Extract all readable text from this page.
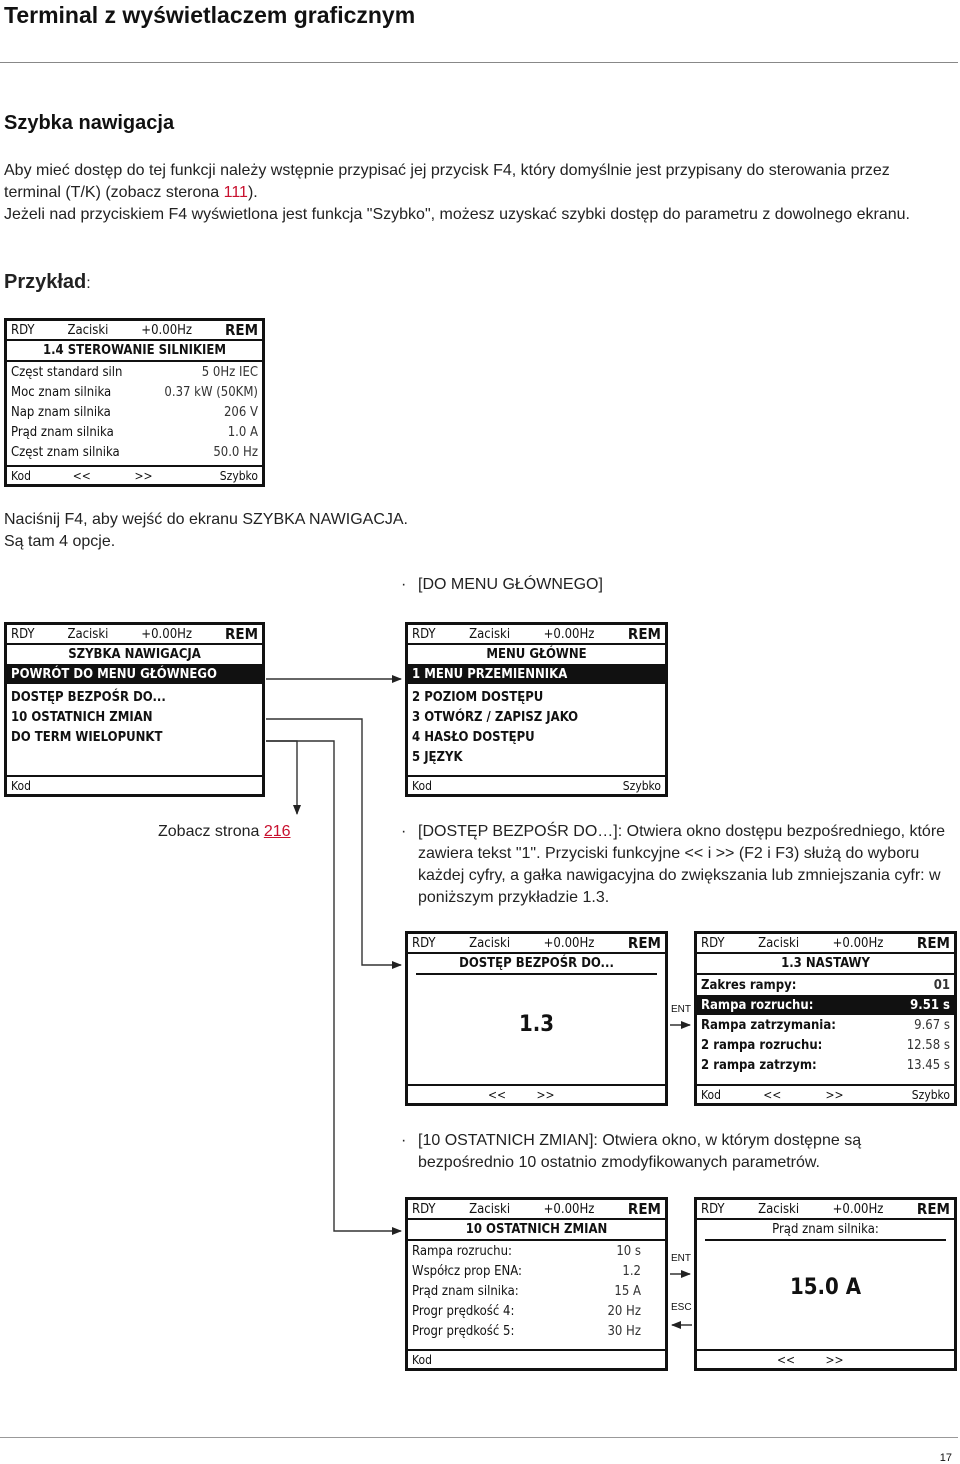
Terminal z wyświetlaczem graficznym
Szybka nawigacja
Aby mieć dostęp do tej funkcji należy wstępnie przypisać jej przycisk F4, który domyślnie jest przypisany do sterowania przez terminal (T/K) (zobacz sterona 111).
Jeżeli nad przyciskiem F4 wyświetlona jest funkcja "Szybko", możesz uzyskać szybki dostęp do parametru z dowolnego ekranu.
Przykład:
RDY	Zaciski	+0.00Hz REM
1.4 STEROWANIE SILNIKIEM
Częst standard siln	5 0Hz IEC
Moc znam silnika	0.37 kW (50KM)
Nap znam silnika	206 V
Prąd znam silnika	1.0 A
Częst znam silnika	50.0 Hz
Kod	<<	>>	Szybko
Naciśnij F4, aby wejść do ekranu SZYBKA NAWIGACJA.
Są tam 4 opcje.
· [DO MENU GŁÓWNEGO]
RDY	Zaciski	+0.00Hz REM
SZYBKA NAWIGACJA
POWRÓT DO MENU GŁÓWNEGO
DOSTĘP BEZPOŚR DO...
10 OSTATNICH ZMIAN
DO TERM WIELOPUNKT
Kod
RDY	Zaciski	+0.00Hz REM
MENU GŁÓWNE
1 MENU PRZEMIENNIKA
2 POZIOM DOSTĘPU
3 OTWÓRZ / ZAPISZ JAKO
4 HASŁO DOSTĘPU
5 JĘZYK
Kod	Szybko
Zobacz strona 216	· [DOSTĘP BEZPOŚR DO…]: Otwiera okno dostępu bezpośredniego, które zawiera tekst "1". Przyciski funkcyjne << i >> (F2 i F3) służą do wyboru każdej cyfry, a gałka nawigacyjna do zwiększania lub zmniejszania cyfr: w poniższym przykładzie 1.3.
RDY	Zaciski	+0.00Hz REM
DOSTĘP BEZPOŚR DO...
1.3
<<	>>
RDY	Zaciski	+0.00Hz REM
1.3 NASTAWY
Zakres rampy:	01
Rampa rozruchu:	9.51 s
Rampa zatrzymania:	9.67 s
2 rampa rozruchu:	12.58 s
2 rampa zatrzym:	13.45 s
Kod	<<	>>	Szybko
· [10 OSTATNICH ZMIAN]: Otwiera okno, w którym dostępne są bezpośrednio 10 ostatnio zmodyfikowanych parametrów.
RDY	Zaciski	+0.00Hz REM
10 OSTATNICH ZMIAN
Rampa rozruchu:	10 s
Współcz prop ENA:	1.2
Prąd znam silnika:	15 A
Progr prędkość 4:	20 Hz
Progr prędkość 5:	30 Hz
Kod
RDY	Zaciski	+0.00Hz REM
Prąd znam silnika:
15.0 A
<<	>>
ENT
ENT
ESC
17
